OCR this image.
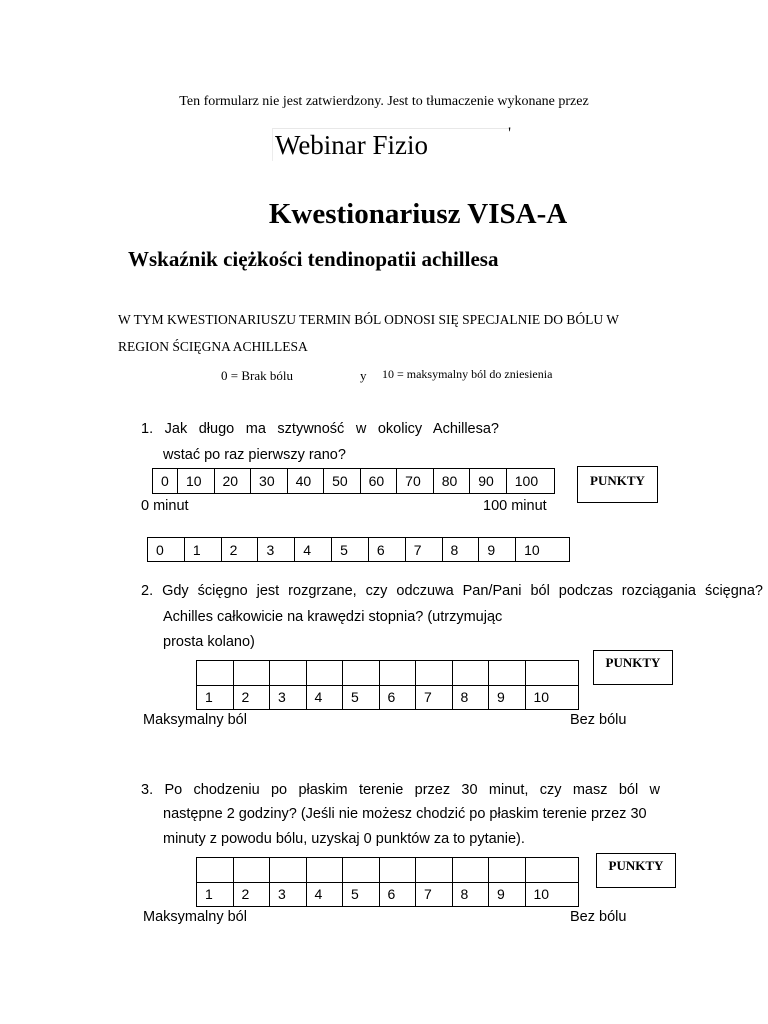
Ten formularz nie jest zatwierdzony. Jest to tłumaczenie wykonane przez
Webinar Fizio	'
Kwestionariusz VISA-A
Wskaźnik ciężkości tendinopatii achillesa
W TYM KWESTIONARIUSZU TERMIN BÓL ODNOSI SIĘ SPECJALNIE DO BÓLU W
REGION ŚCIĘGNA ACHILLESA
0 = Brak bólu	y 10 = maksymalny ból do zniesienia
1. Jak długo ma sztywność w okolicy Achillesa?
wstać po raz pierwszy rano?
0	10	20	30	40	50	60	70	80	90	100	PUNKTY
0 minut	100 minut
0	1	2	3	4	5	6	7	8	9	10
2. Gdy ścięgno jest rozgrzane, czy odczuwa Pan/Pani ból podczas rozciągania ścięgna?
Achilles całkowicie na krawędzi stopnia? (utrzymując
prosta kolano)

1	2	3	4	5	6	7	8	9	10
PUNKTY
Maksymalny ból	Bez bólu
3. Po chodzeniu po płaskim terenie przez 30 minut, czy masz ból w
następne 2 godziny? (Jeśli nie możesz chodzić po płaskim terenie przez 30
minuty z powodu bólu, uzyskaj 0 punktów za to pytanie).

1	2	3	4	5	6	7	8	9	10
PUNKTY
Maksymalny ból	Bez bólu
